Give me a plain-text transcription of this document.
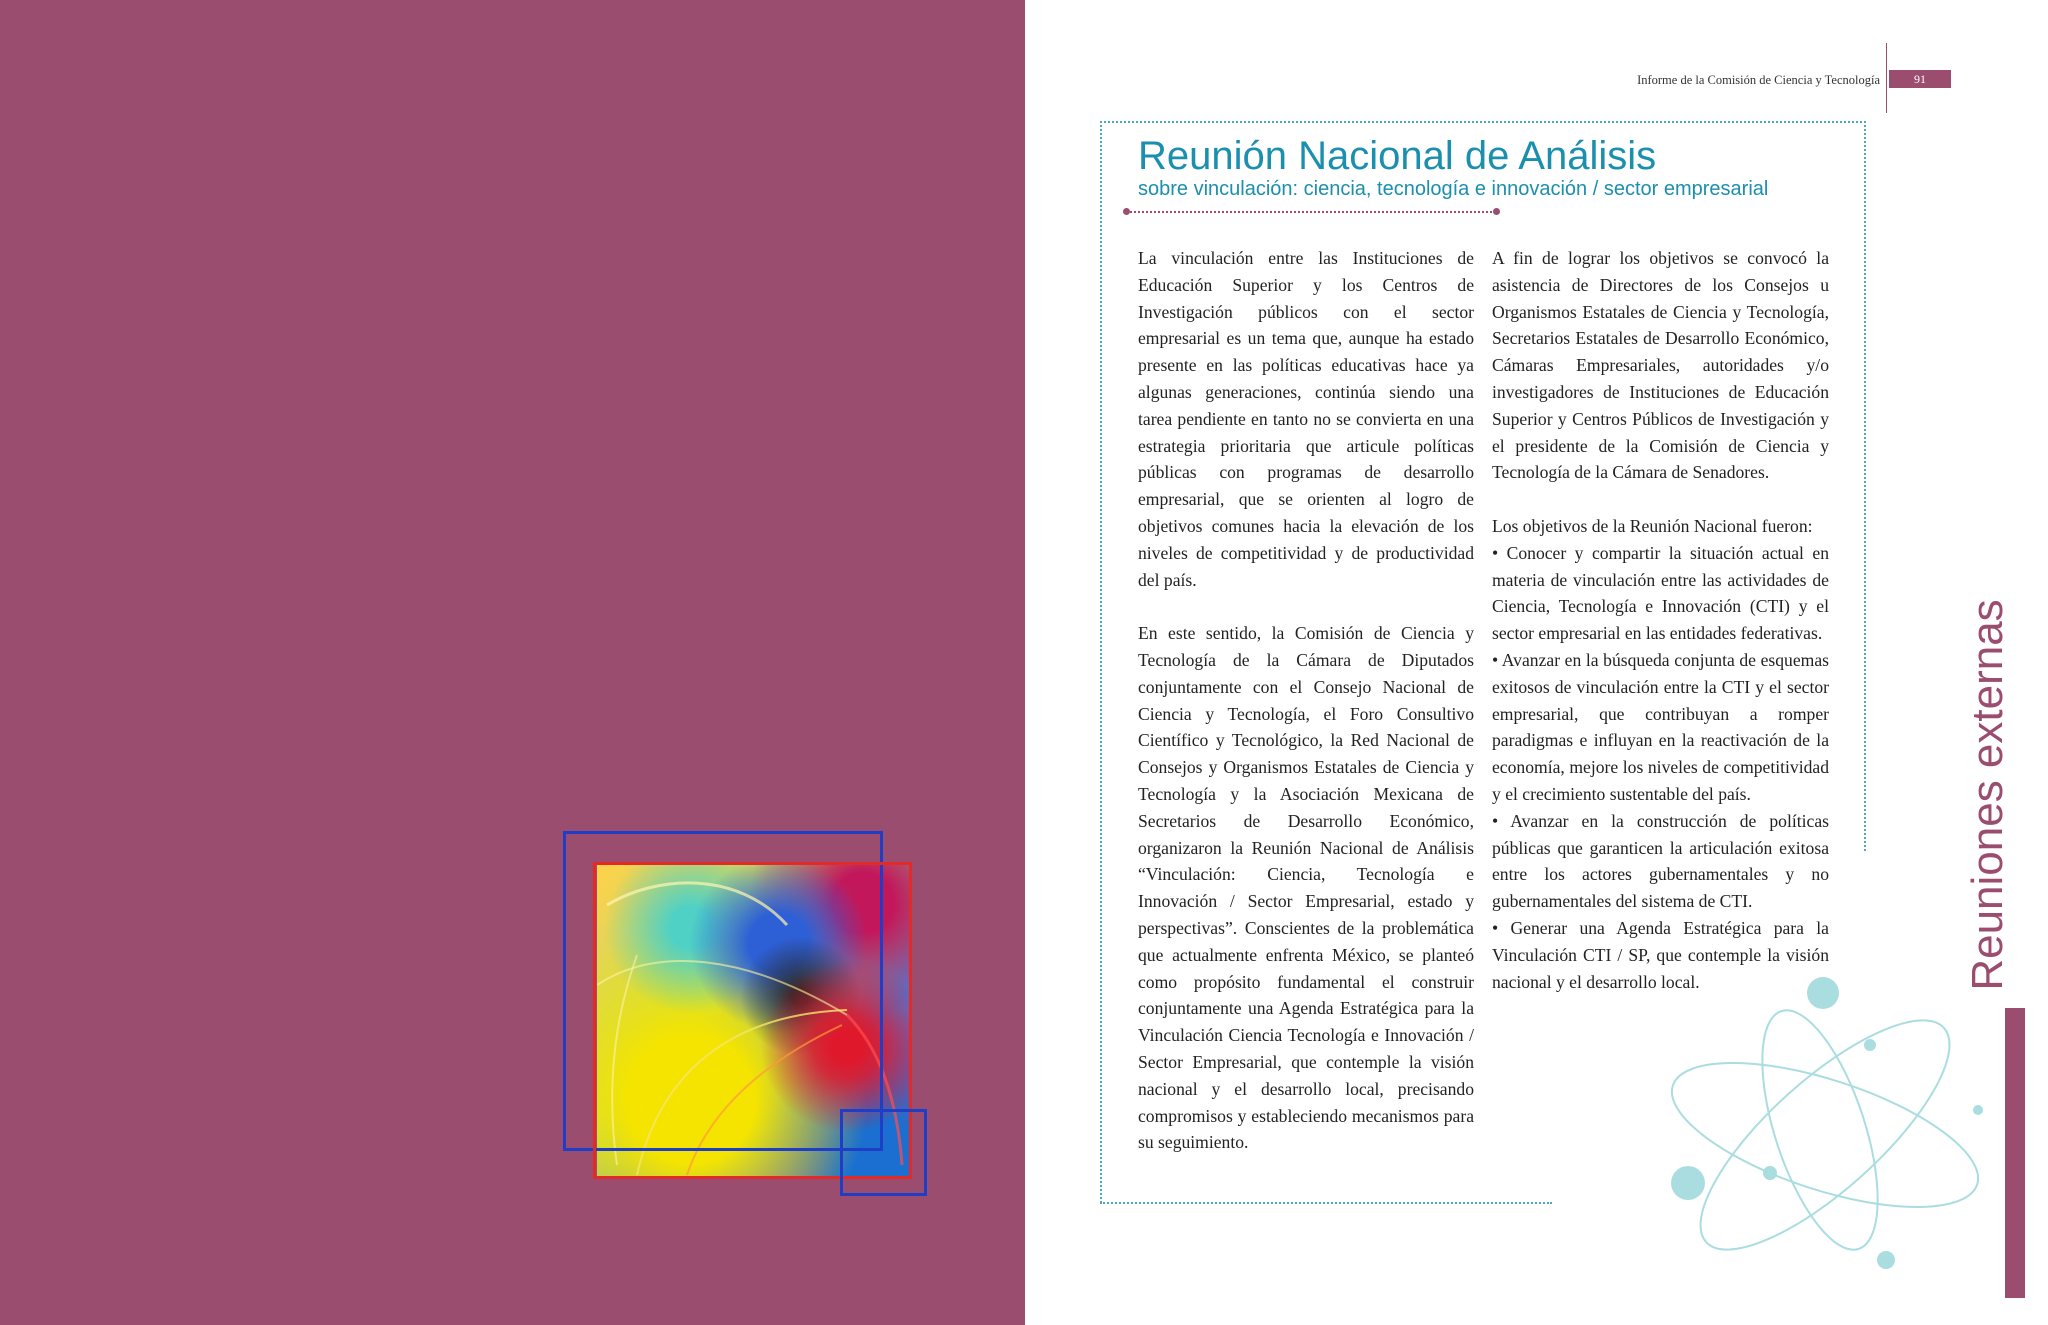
Informe de la Comisión de Ciencia y Tecnología	91
Reunión Nacional de Análisis
sobre vinculación: ciencia, tecnología e innovación / sector empresarial

La vinculación entre las Instituciones de Educación Superior y los Centros de Investigación públicos con el sector empresarial es un tema que, aunque ha estado presente en las políticas educativas hace ya algunas generaciones, continúa siendo una tarea pendiente en tanto no se convierta en una estrategia prioritaria que articule políticas públicas con programas de desarrollo empresarial, que se orienten al logro de objetivos comunes hacia la elevación de los niveles de competitividad y de productividad del país.

En este sentido, la Comisión de Ciencia y Tecnología de la Cámara de Diputados conjuntamente con el Consejo Nacional de Ciencia y Tecnología, el Foro Consultivo Científico y Tecnológico, la Red Nacional de Consejos y Organismos Estatales de Ciencia y Tecnología y la Asociación Mexicana de Secretarios de Desarrollo Económico, organizaron la Reunión Nacional de Análisis “Vinculación: Ciencia, Tecnología e Innovación / Sector Empresarial, estado y perspectivas”. Conscientes de la problemática que actualmente enfrenta México, se planteó como propósito fundamental el construir conjuntamente una Agenda Estratégica para la Vinculación Ciencia Tecnología e Innovación / Sector Empresarial, que contemple la visión nacional y el desarrollo local, precisando compromisos y estableciendo mecanismos para su seguimiento.

A fin de lograr los objetivos se convocó la asistencia de Directores de los Consejos u Organismos Estatales de Ciencia y Tecnología, Secretarios Estatales de Desarrollo Económico, Cámaras Empresariales, autoridades y/o investigadores de Instituciones de Educación Superior y Centros Públicos de Investigación y el presidente de la Comisión de Ciencia y Tecnología de la Cámara de Senadores.

Los objetivos de la Reunión Nacional fueron:

• Conocer y compartir la situación actual en materia de vinculación entre las actividades de Ciencia, Tecnología e Innovación (CTI) y el sector empresarial en las entidades federativas.

• Avanzar en la búsqueda conjunta de esquemas exitosos de vinculación entre la CTI y el sector empresarial, que contribuyan a romper paradigmas e influyan en la reactivación de la economía, mejore los niveles de competitividad y el crecimiento sustentable del país.

• Avanzar en la construcción de políticas públicas que garanticen la articulación exitosa entre los actores gubernamentales y no gubernamentales del sistema de CTI.

• Generar una Agenda Estratégica para la Vinculación CTI / SP, que contemple la visión nacional y el desarrollo local.	Reuniones externas
